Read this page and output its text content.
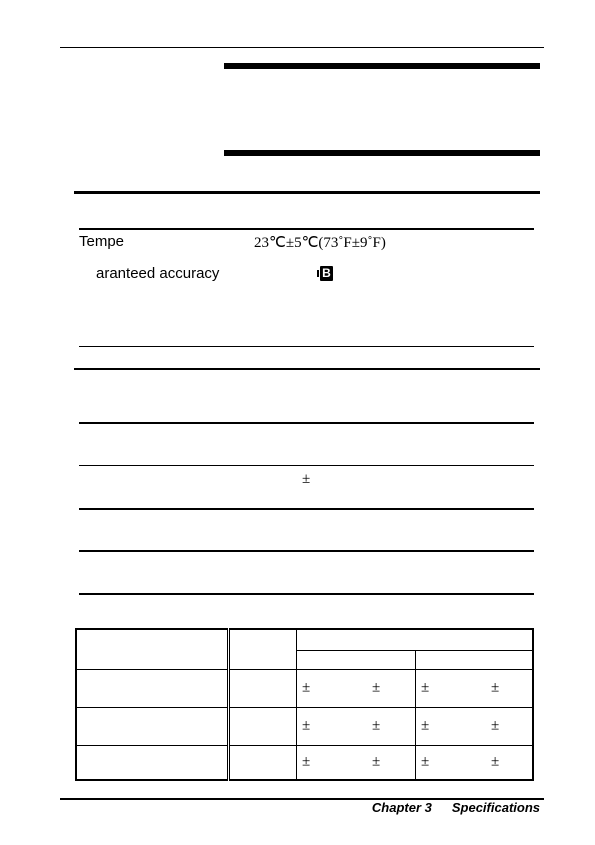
Tempe	23℃±5℃(73˚F±9˚F)
aranteed accuracy	B
±

		± ±	± ±

		± ±	± ±

		± ±	± ±
Chapter 3 Specifications
